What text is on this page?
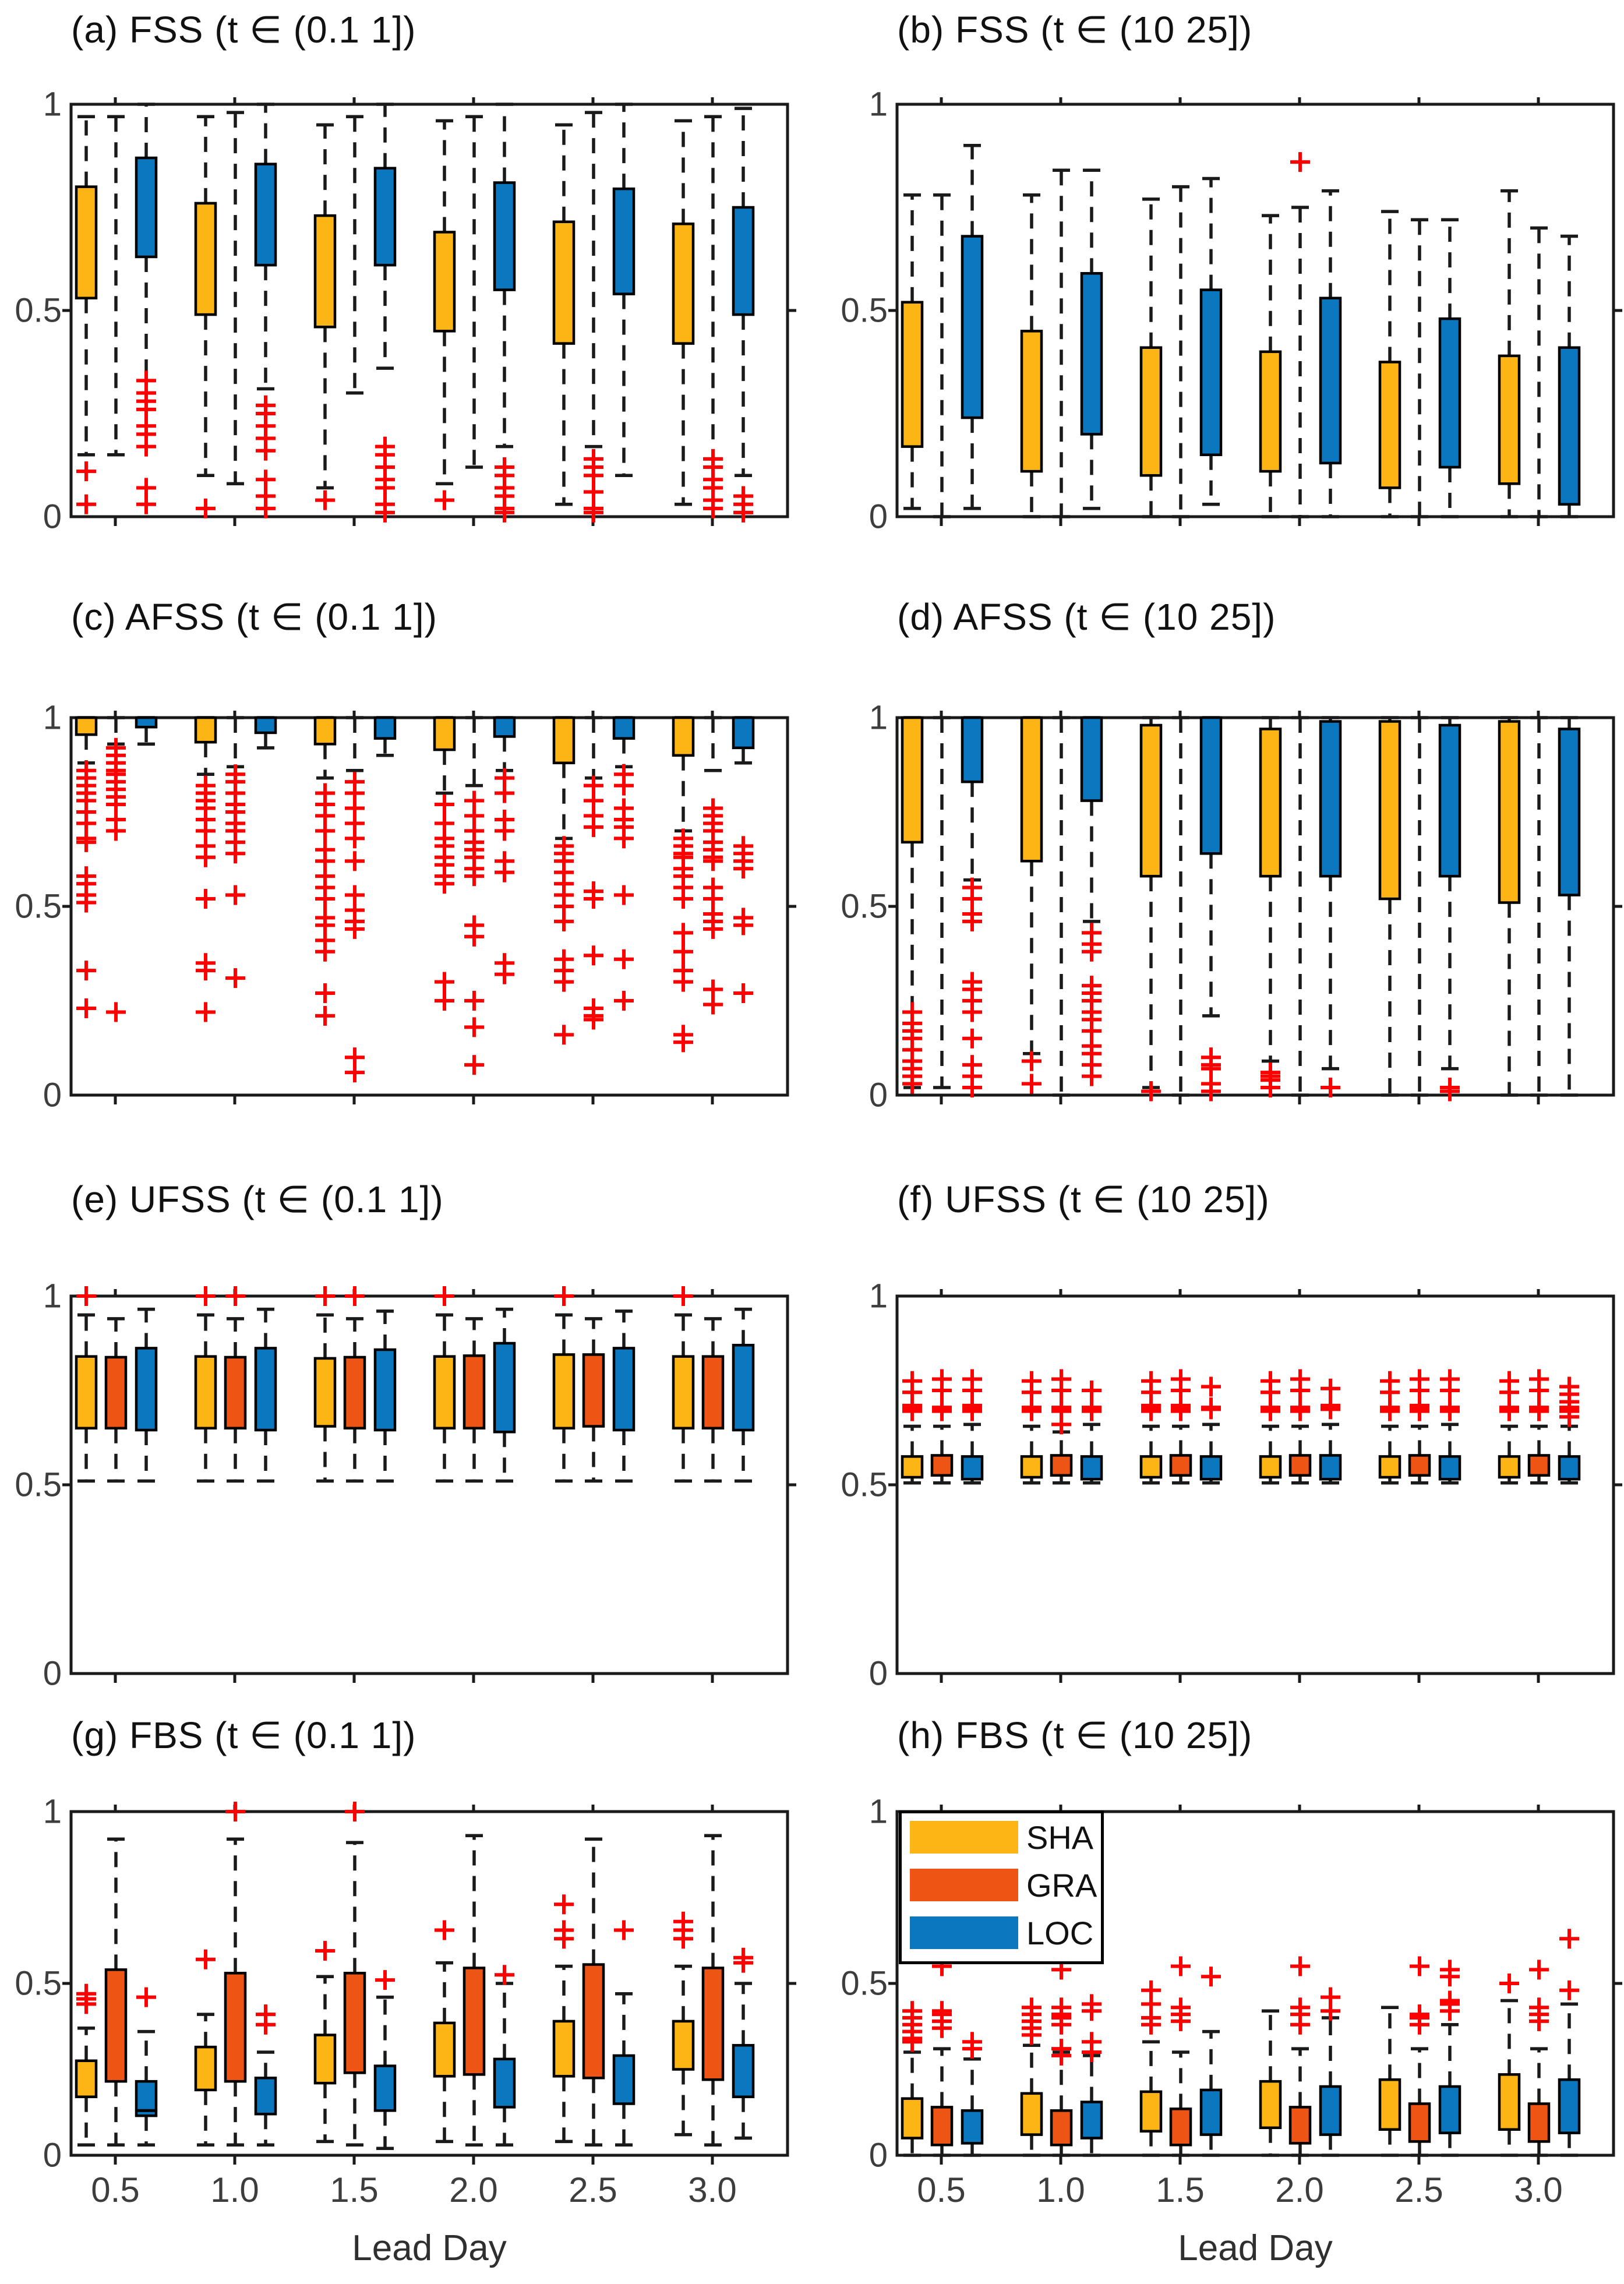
1
0.5
0
1
0.5
0
1
0.5
0
1
0.5
0
1
0.5
0
1
0.5
0
1
0.5
0
0.5 1.0 1.5 2.0 2.5 3.0
Lead Day
1
0.5
0
0.5 1.0 1.5 2.0 2.5 3.0
Lead Day
(a) FSS (t ∈ (0.1 1])	(b) FSS (t ∈ (10 25])
(c) AFSS (t ∈ (0.1 1])	(d) AFSS (t ∈ (10 25])
(e) UFSS (t ∈ (0.1 1])	(f) UFSS (t ∈ (10 25])
(g) FBS (t ∈ (0.1 1])	(h) FBS (t ∈ (10 25])
SHA
GRA
LOC
